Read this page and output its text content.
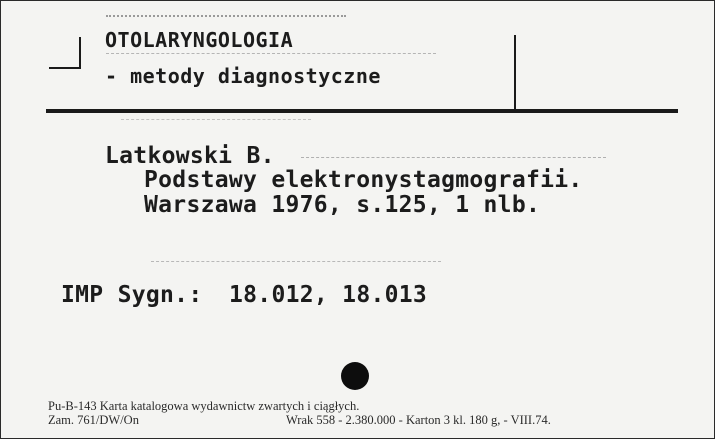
OTOLARYNGOLOGIA
- metody diagnostyczne
Latkowski B.
Podstawy elektronystagmografii.
Warszawa 1976, s.125, 1 nlb.
IMP Sygn.: 18.012, 18.013
Pu-B-143 Karta katalogowa wydawnictw zwartych i ciągłych.
Zam. 761/DW/On	Wrak 558 - 2.380.000 - Karton 3 kl. 180 g, - VIII.74.
